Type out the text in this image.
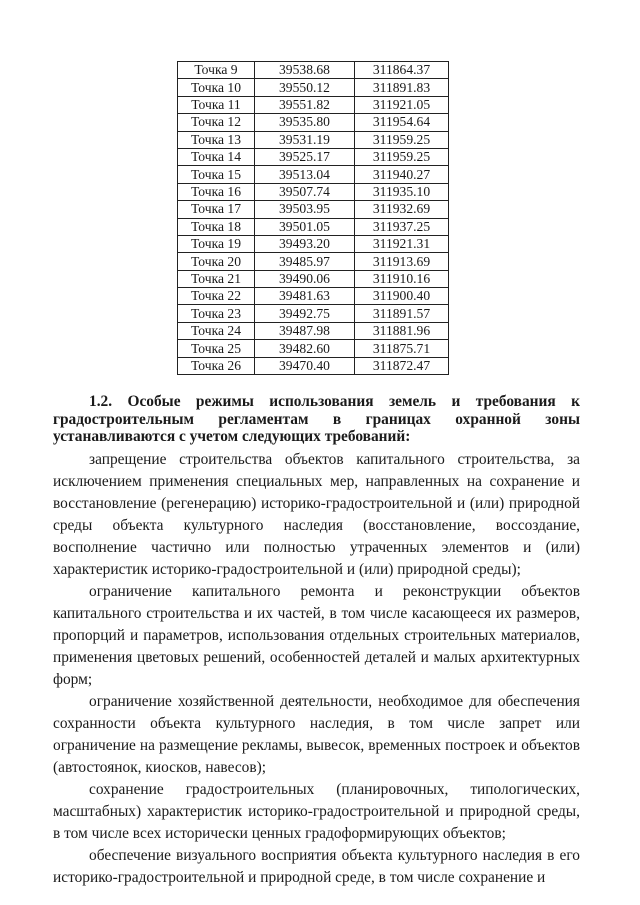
Точка 9	39538.68	311864.37
Точка 10	39550.12	311891.83
Точка 11	39551.82	311921.05
Точка 12	39535.80	311954.64
Точка 13	39531.19	311959.25
Точка 14	39525.17	311959.25
Точка 15	39513.04	311940.27
Точка 16	39507.74	311935.10
Точка 17	39503.95	311932.69
Точка 18	39501.05	311937.25
Точка 19	39493.20	311921.31
Точка 20	39485.97	311913.69
Точка 21	39490.06	311910.16
Точка 22	39481.63	311900.40
Точка 23	39492.75	311891.57
Точка 24	39487.98	311881.96
Точка 25	39482.60	311875.71
Точка 26	39470.40	311872.47

1.2. Особые режимы использования земель и требования к градостроительным регламентам в границах охранной зоны устанавливаются с учетом следующих требований:

запрещение строительства объектов капитального строительства, за исключением применения специальных мер, направленных на сохранение и восстановление (регенерацию) историко-градостроительной и (или) природной среды объекта культурного наследия (восстановление, воссоздание, восполнение частично или полностью утраченных элементов и (или) характеристик историко-градостроительной и (или) природной среды);

ограничение капитального ремонта и реконструкции объектов капитального строительства и их частей, в том числе касающееся их размеров, пропорций и параметров, использования отдельных строительных материалов, применения цветовых решений, особенностей деталей и малых архитектурных форм;

ограничение хозяйственной деятельности, необходимое для обеспечения сохранности объекта культурного наследия, в том числе запрет или ограничение на размещение рекламы, вывесок, временных построек и объектов (автостоянок, киосков, навесов);

сохранение градостроительных (планировочных, типологических, масштабных) характеристик историко-градостроительной и природной среды, в том числе всех исторически ценных градоформирующих объектов;

обеспечение визуального восприятия объекта культурного наследия в его историко-градостроительной и природной среде, в том числе сохранение и
